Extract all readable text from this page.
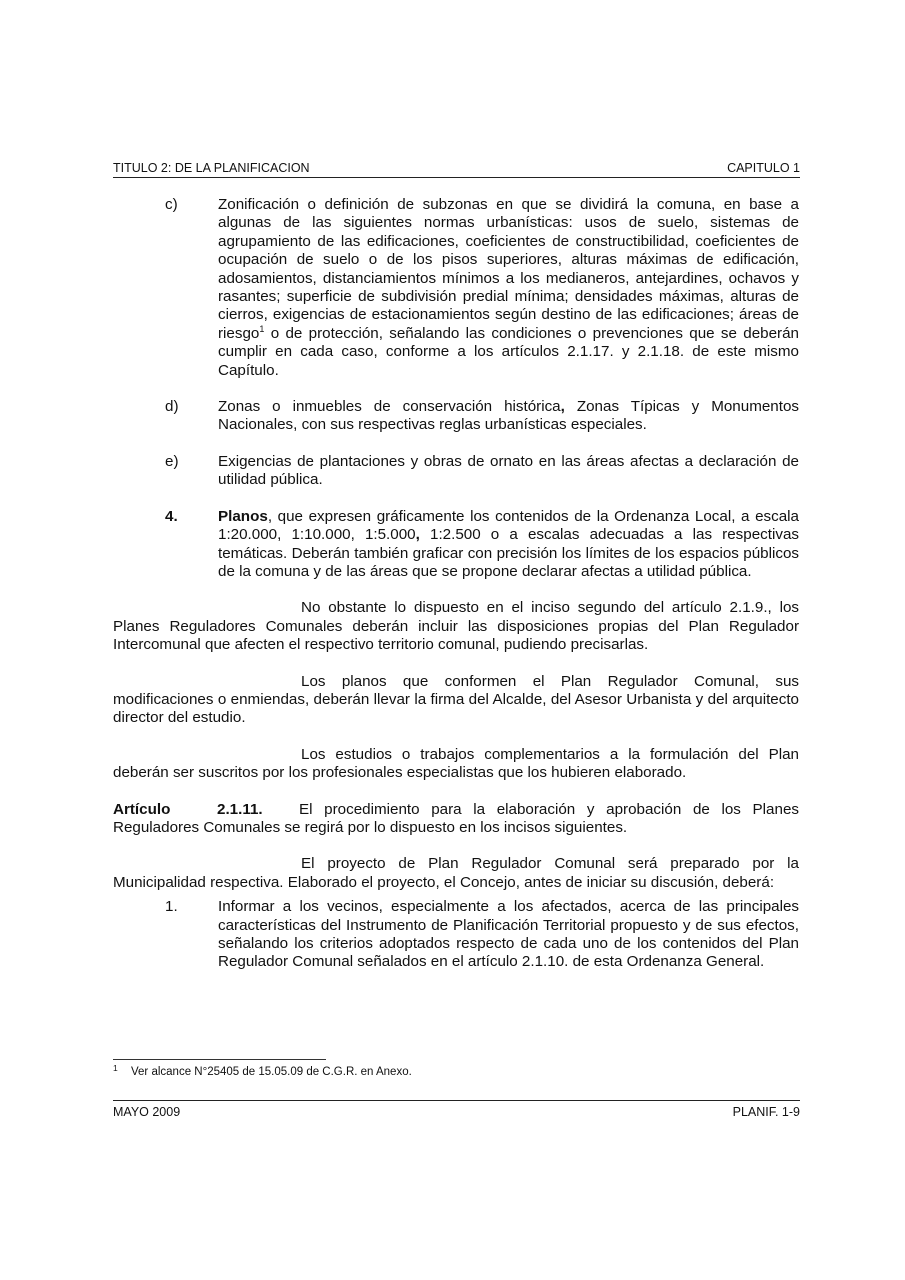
TITULO 2: DE LA PLANIFICACION	CAPITULO 1
c)	Zonificación o definición de subzonas en que se dividirá la comuna, en base a algunas de las siguientes normas urbanísticas: usos de suelo, sistemas de agrupamiento de las edificaciones, coeficientes de constructibilidad, coeficientes de ocupación de suelo o de los pisos superiores, alturas máximas de edificación, adosamientos, distanciamientos mínimos a los medianeros, antejardines, ochavos y rasantes; superficie de subdivisión predial mínima; densidades máximas, alturas de cierros, exigencias de estacionamientos según destino de las edificaciones; áreas de riesgo$^1$ o de protección, señalando las condiciones o prevenciones que se deberán cumplir en cada caso, conforme a los artículos 2.1.17. y 2.1.18. de este mismo Capítulo.

d)	Zonas o inmuebles de conservación histórica, Zonas Típicas y Monumentos Nacionales, con sus respectivas reglas urbanísticas especiales.

e)	Exigencias de plantaciones y obras de ornato en las áreas afectas a declaración de utilidad pública.

4.	Planos, que expresen gráficamente los contenidos de la Ordenanza Local, a escala 1:20.000, 1:10.000, 1:5.000, 1:2.500 o a escalas adecuadas a las respectivas temáticas. Deberán también graficar con precisión los límites de los espacios públicos de la comuna y de las áreas que se propone declarar afectas a utilidad pública.

No obstante lo dispuesto en el inciso segundo del artículo 2.1.9., los Planes Reguladores Comunales deberán incluir las disposiciones propias del Plan Regulador Intercomunal que afecten el respectivo territorio comunal, pudiendo precisarlas.

Los planos que conformen el Plan Regulador Comunal, sus modificaciones o enmiendas, deberán llevar la firma del Alcalde, del Asesor Urbanista y del arquitecto director del estudio.

Los estudios o trabajos complementarios a la formulación del Plan deberán ser suscritos por los profesionales especialistas que los hubieren elaborado.

Artículo	2.1.11. El procedimiento para la elaboración y aprobación de los Planes Reguladores Comunales se regirá por lo dispuesto en los incisos siguientes.

El proyecto de Plan Regulador Comunal será preparado por la Municipalidad respectiva. Elaborado el proyecto, el Concejo, antes de iniciar su discusión, deberá:

1.	Informar a los vecinos, especialmente a los afectados, acerca de las principales características del Instrumento de Planificación Territorial propuesto y de sus efectos, señalando los criterios adoptados respecto de cada uno de los contenidos del Plan Regulador Comunal señalados en el artículo 2.1.10. de esta Ordenanza General.

1 Ver alcance N°25405 de 15.05.09 de C.G.R. en Anexo.
MAYO 2009	PLANIF. 1-9
